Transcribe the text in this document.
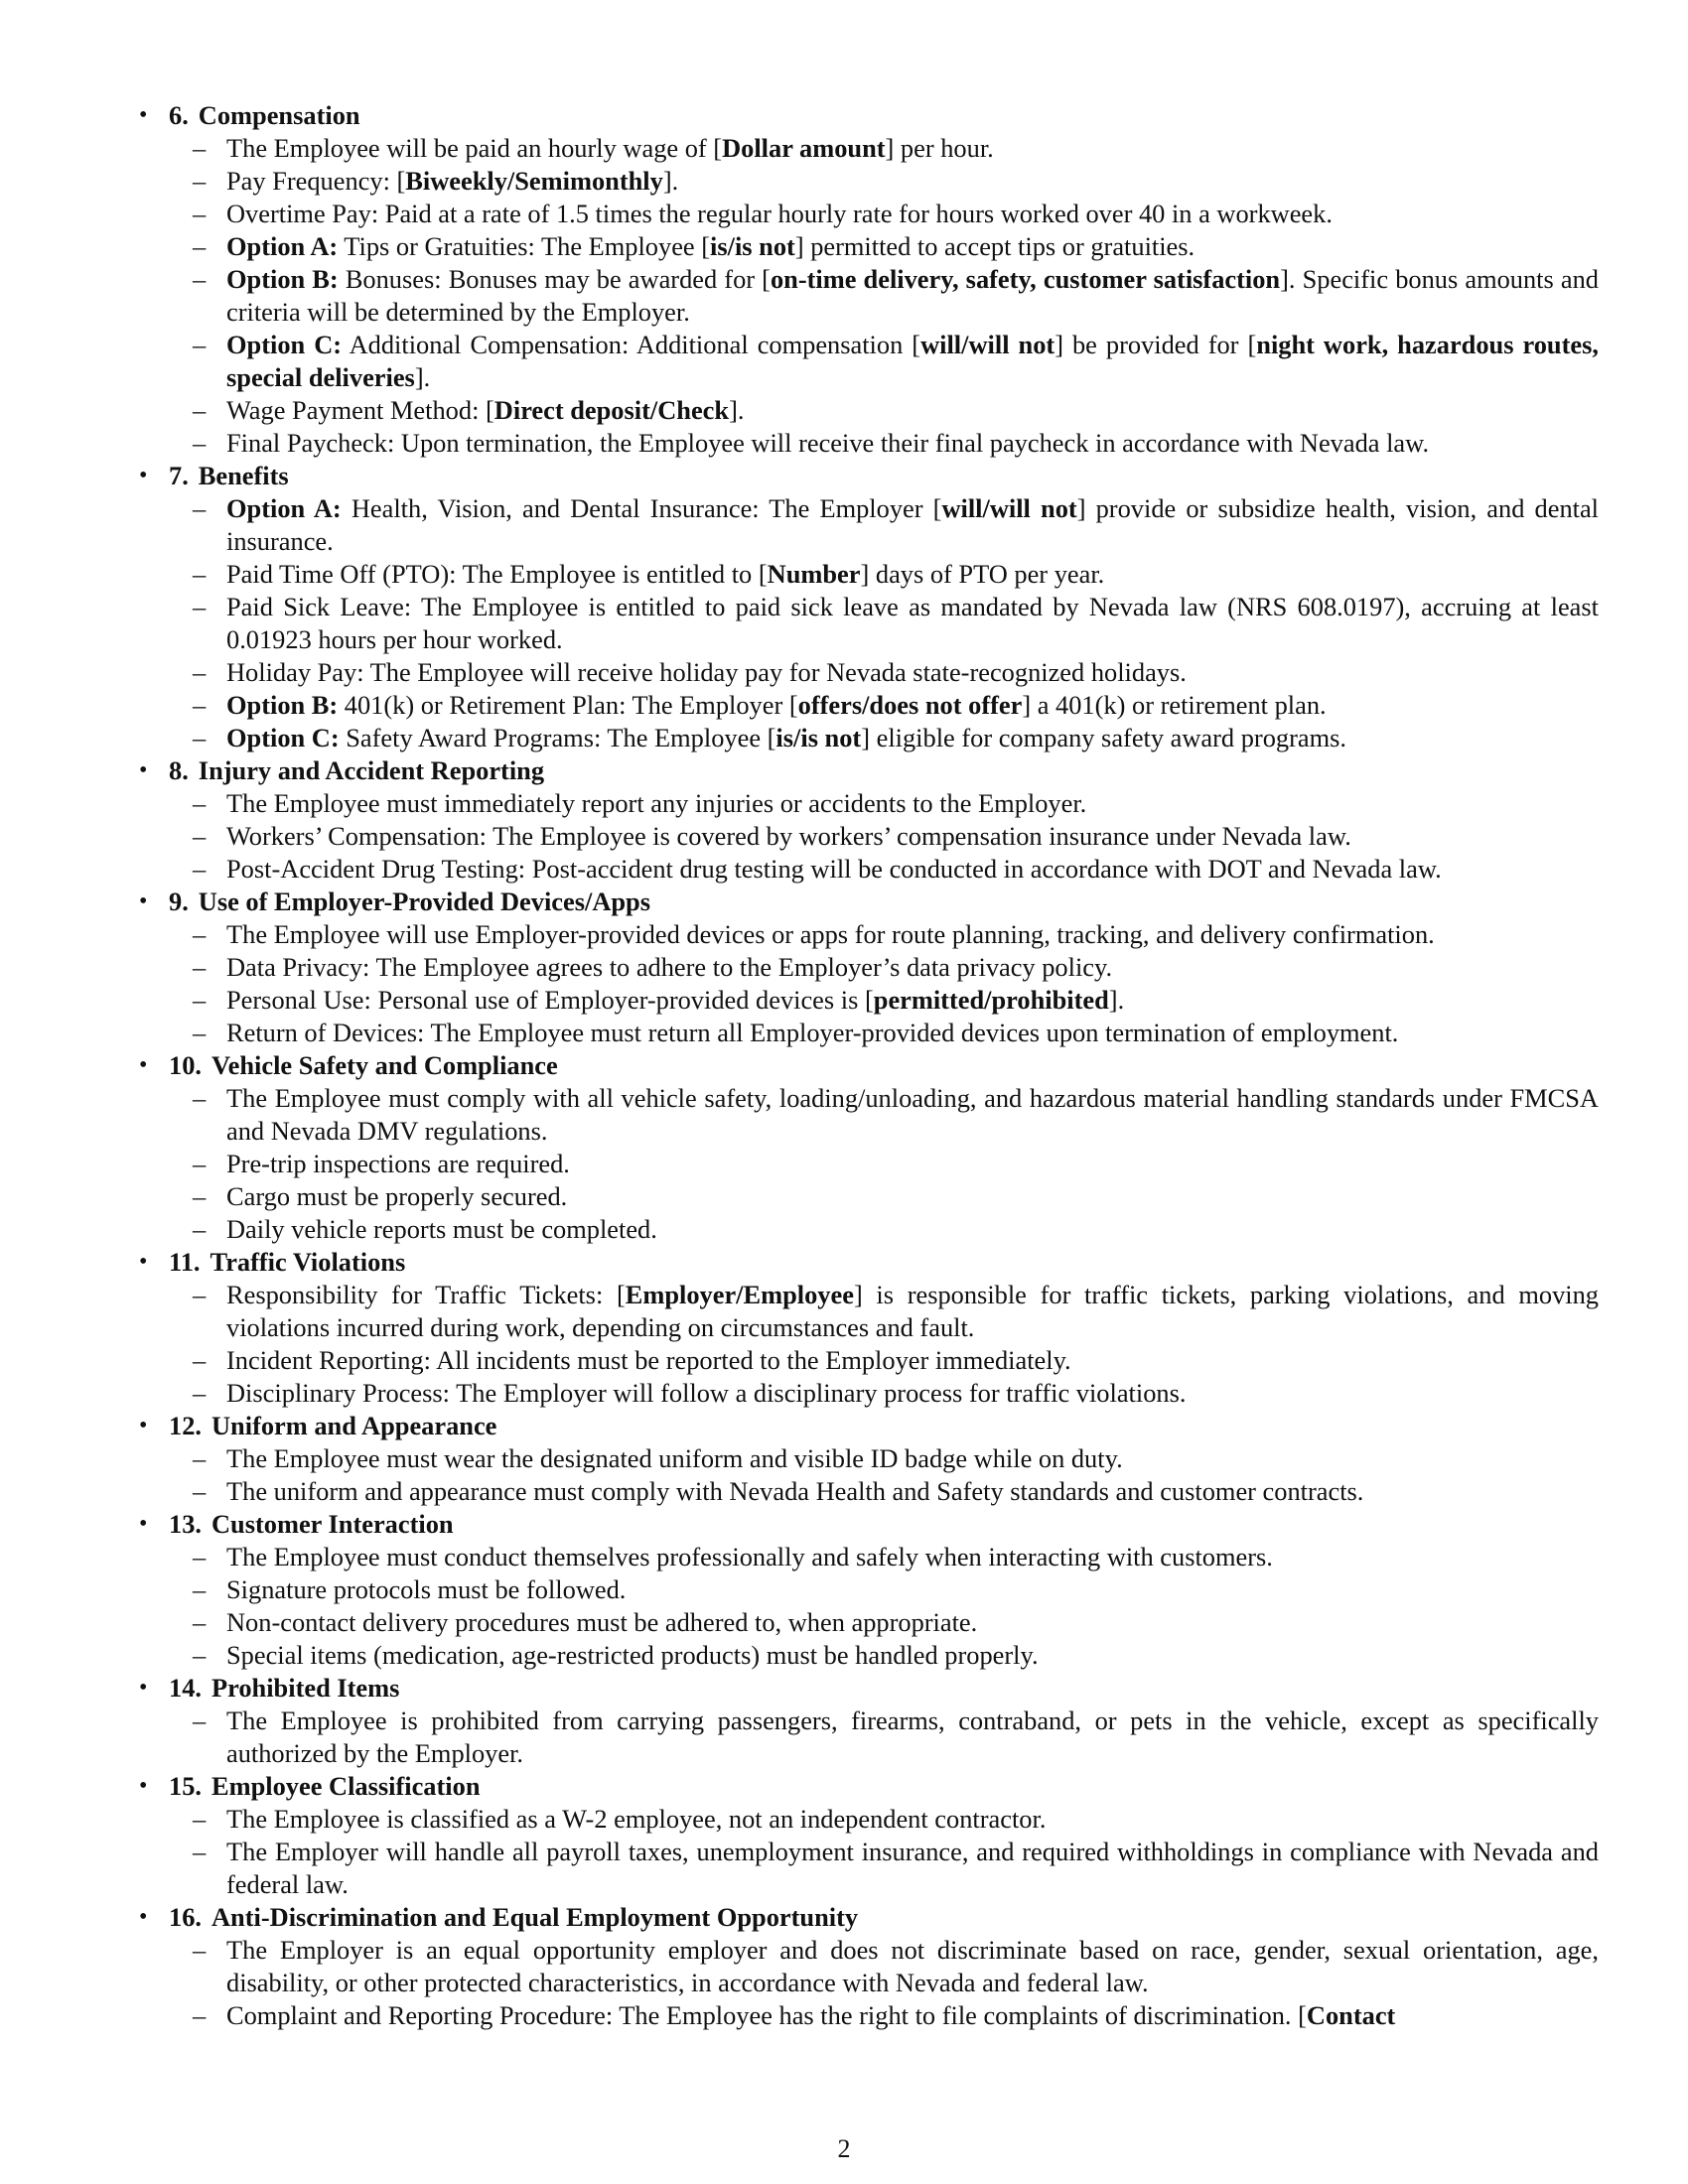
• 6. Compensation
– The Employee will be paid an hourly wage of [Dollar amount] per hour.
– Pay Frequency: [Biweekly/Semimonthly].
– Overtime Pay: Paid at a rate of 1.5 times the regular hourly rate for hours worked over 40 in a workweek.
– Option A: Tips or Gratuities: The Employee [is/is not] permitted to accept tips or gratuities.
– Option B: Bonuses: Bonuses may be awarded for [on-time delivery, safety, customer satisfaction]. Specific bonus amounts and criteria will be determined by the Employer.
– Option C: Additional Compensation: Additional compensation [will/will not] be provided for [night work, hazardous routes, special deliveries].
– Wage Payment Method: [Direct deposit/Check].
– Final Paycheck: Upon termination, the Employee will receive their final paycheck in accordance with Nevada law.
• 7. Benefits
– Option A: Health, Vision, and Dental Insurance: The Employer [will/will not] provide or subsidize health, vision, and dental insurance.
– Paid Time Off (PTO): The Employee is entitled to [Number] days of PTO per year.
– Paid Sick Leave: The Employee is entitled to paid sick leave as mandated by Nevada law (NRS 608.0197), accruing at least 0.01923 hours per hour worked.
– Holiday Pay: The Employee will receive holiday pay for Nevada state-recognized holidays.
– Option B: 401(k) or Retirement Plan: The Employer [offers/does not offer] a 401(k) or retirement plan.
– Option C: Safety Award Programs: The Employee [is/is not] eligible for company safety award programs.
• 8. Injury and Accident Reporting
– The Employee must immediately report any injuries or accidents to the Employer.
– Workers’ Compensation: The Employee is covered by workers’ compensation insurance under Nevada law.
– Post-Accident Drug Testing: Post-accident drug testing will be conducted in accordance with DOT and Nevada law.
• 9. Use of Employer-Provided Devices/Apps
– The Employee will use Employer-provided devices or apps for route planning, tracking, and delivery confirmation.
– Data Privacy: The Employee agrees to adhere to the Employer’s data privacy policy.
– Personal Use: Personal use of Employer-provided devices is [permitted/prohibited].
– Return of Devices: The Employee must return all Employer-provided devices upon termination of employment.
• 10. Vehicle Safety and Compliance
– The Employee must comply with all vehicle safety, loading/unloading, and hazardous material handling standards under FMCSA and Nevada DMV regulations.
– Pre-trip inspections are required.
– Cargo must be properly secured.
– Daily vehicle reports must be completed.
• 11. Traffic Violations
– Responsibility for Traffic Tickets: [Employer/Employee] is responsible for traffic tickets, parking violations, and moving violations incurred during work, depending on circumstances and fault.
– Incident Reporting: All incidents must be reported to the Employer immediately.
– Disciplinary Process: The Employer will follow a disciplinary process for traffic violations.
• 12. Uniform and Appearance
– The Employee must wear the designated uniform and visible ID badge while on duty.
– The uniform and appearance must comply with Nevada Health and Safety standards and customer contracts.
• 13. Customer Interaction
– The Employee must conduct themselves professionally and safely when interacting with customers.
– Signature protocols must be followed.
– Non-contact delivery procedures must be adhered to, when appropriate.
– Special items (medication, age-restricted products) must be handled properly.
• 14. Prohibited Items
– The Employee is prohibited from carrying passengers, firearms, contraband, or pets in the vehicle, except as specifically authorized by the Employer.
• 15. Employee Classification
– The Employee is classified as a W-2 employee, not an independent contractor.
– The Employer will handle all payroll taxes, unemployment insurance, and required withholdings in compliance with Nevada and federal law.
• 16. Anti-Discrimination and Equal Employment Opportunity
– The Employer is an equal opportunity employer and does not discriminate based on race, gender, sexual orientation, age, disability, or other protected characteristics, in accordance with Nevada and federal law.
– Complaint and Reporting Procedure: The Employee has the right to file complaints of discrimination. [Contact
2
